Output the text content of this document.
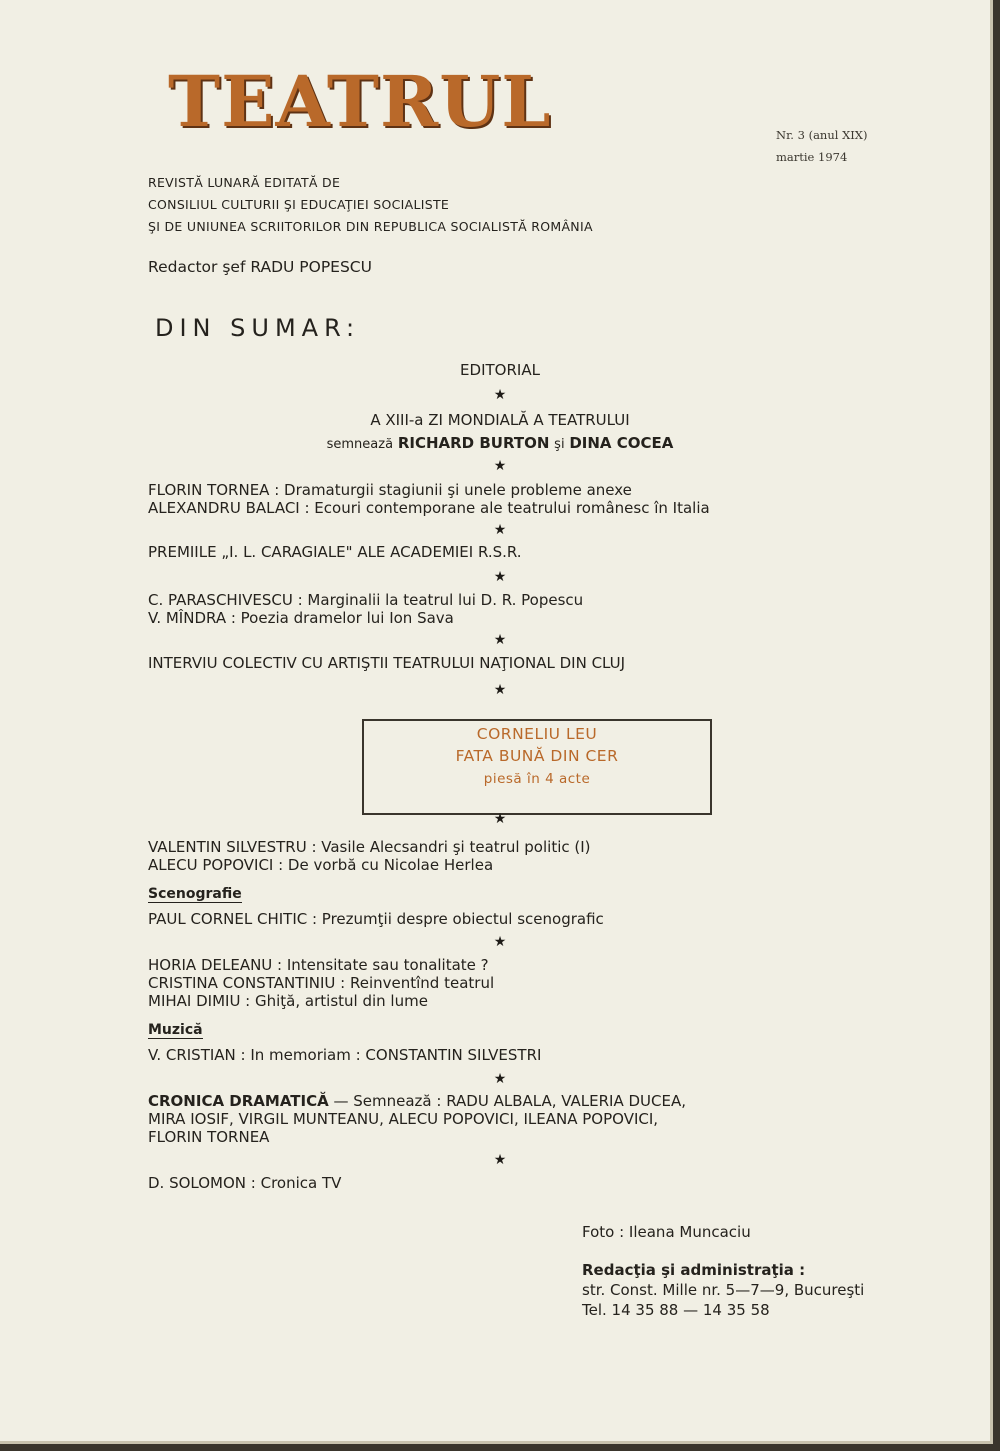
TEATRUL	Nr. 3 (anul XIX)
martie 1974
REVISTĂ LUNARĂ EDITATĂ DE
CONSILIUL CULTURII ŞI EDUCAŢIEI SOCIALISTE
ŞI DE UNIUNEA SCRIITORILOR DIN REPUBLICA SOCIALISTĂ ROMÂNIA
Redactor şef RADU POPESCU
DIN SUMAR:
EDITORIAL
★
A XIII-a ZI MONDIALĂ A TEATRULUI
semnează RICHARD BURTON şi DINA COCEA
★
FLORIN TORNEA : Dramaturgii stagiunii şi unele probleme anexe
ALEXANDRU BALACI : Ecouri contemporane ale teatrului românesc în Italia
★
PREMIILE „I. L. CARAGIALE" ALE ACADEMIEI R.S.R.
★
C. PARASCHIVESCU : Marginalii la teatrul lui D. R. Popescu
V. MÎNDRA : Poezia dramelor lui Ion Sava
★
INTERVIU COLECTIV CU ARTIŞTII TEATRULUI NAŢIONAL DIN CLUJ
★
CORNELIU LEU
FATA BUNĂ DIN CER
piesă în 4 acte
★
VALENTIN SILVESTRU : Vasile Alecsandri şi teatrul politic (I)
ALECU POPOVICI : De vorbă cu Nicolae Herlea
Scenografie
PAUL CORNEL CHITIC : Prezumţii despre obiectul scenografic
★
HORIA DELEANU : Intensitate sau tonalitate ?
CRISTINA CONSTANTINIU : Reinventînd teatrul
MIHAI DIMIU : Ghiţă, artistul din lume
Muzică
V. CRISTIAN : In memoriam : CONSTANTIN SILVESTRI
★
CRONICA DRAMATICĂ — Semnează : RADU ALBALA, VALERIA DUCEA,
MIRA IOSIF, VIRGIL MUNTEANU, ALECU POPOVICI, ILEANA POPOVICI,
FLORIN TORNEA
★
D. SOLOMON : Cronica TV
Foto : Ileana Muncaciu
Redacţia şi administraţia :
str. Const. Mille nr. 5—7—9, Bucureşti
Tel. 14 35 88 — 14 35 58
